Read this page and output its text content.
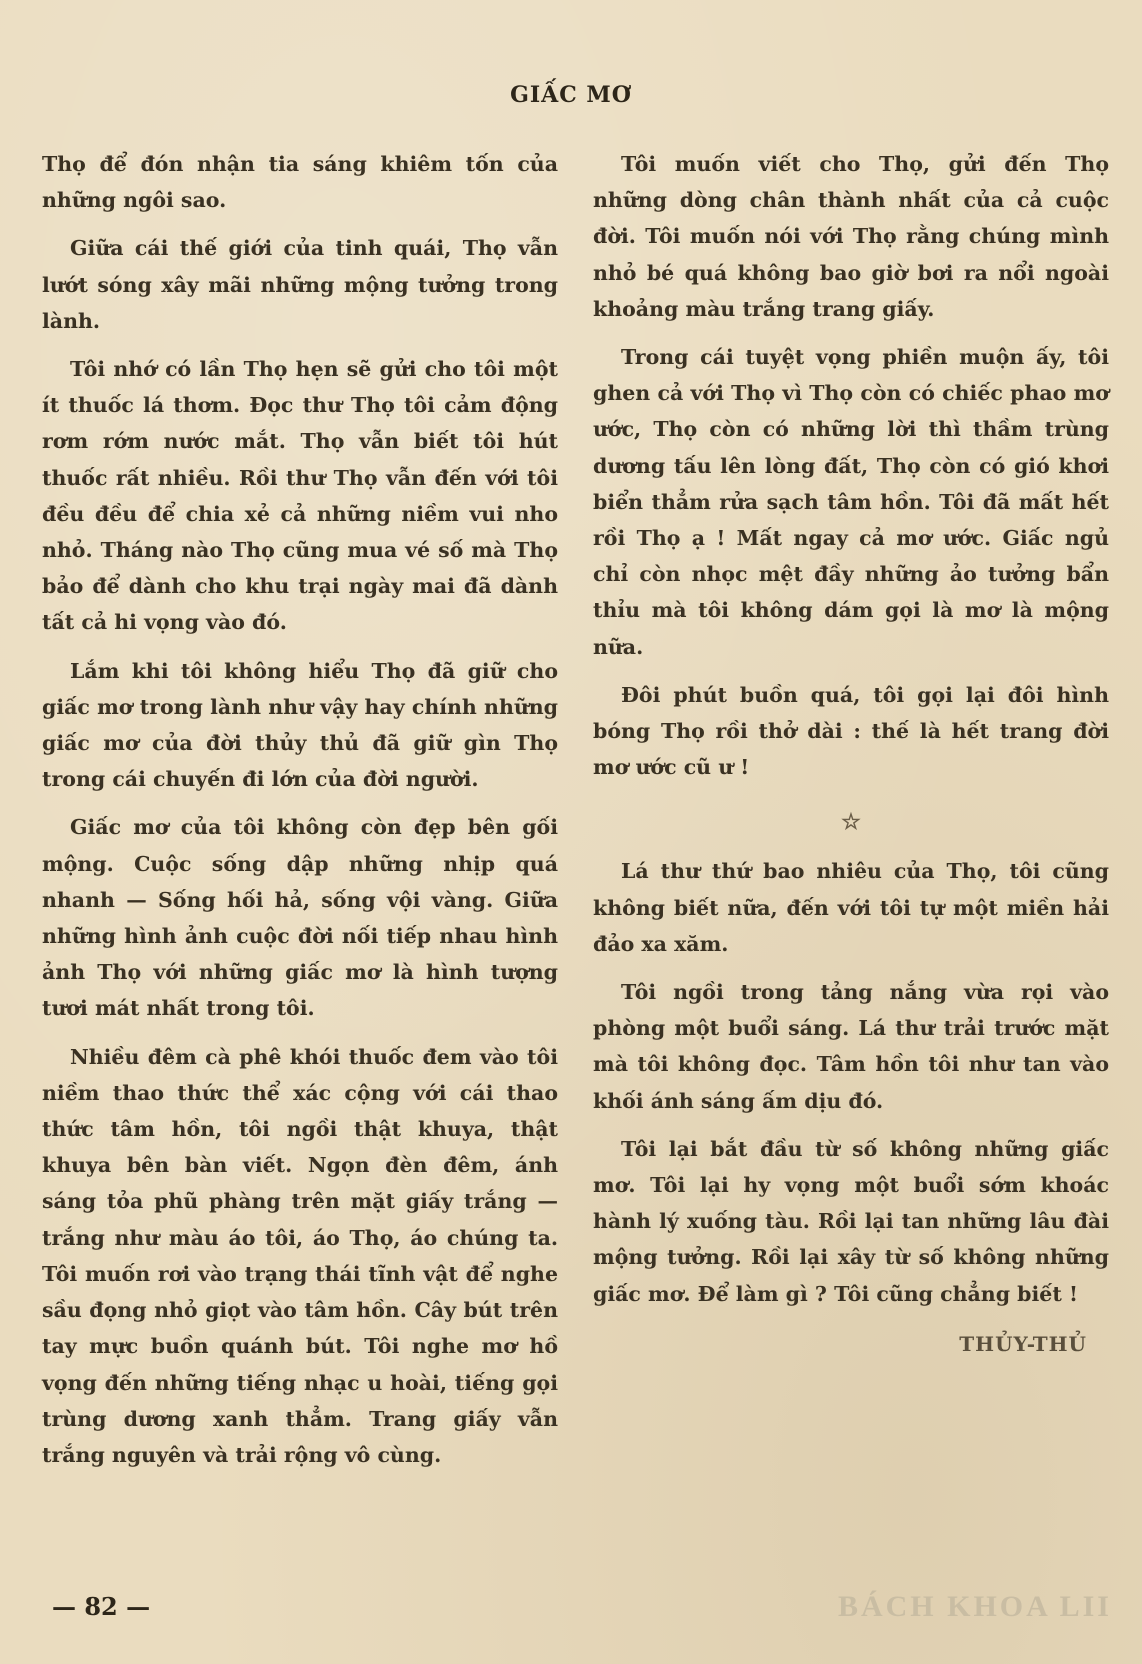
GIẤC MƠ

Thọ để đón nhận tia sáng khiêm tốn của những ngôi sao.

Giữa cái thế giới của tinh quái, Thọ vẫn lướt sóng xây mãi những mộng tưởng trong lành.

Tôi nhớ có lần Thọ hẹn sẽ gửi cho tôi một ít thuốc lá thơm. Đọc thư Thọ tôi cảm động rơm rớm nước mắt. Thọ vẫn biết tôi hút thuốc rất nhiều. Rồi thư Thọ vẫn đến với tôi đều đều để chia xẻ cả những niềm vui nho nhỏ. Tháng nào Thọ cũng mua vé số mà Thọ bảo để dành cho khu trại ngày mai đã dành tất cả hi vọng vào đó.

Lắm khi tôi không hiểu Thọ đã giữ cho giấc mơ trong lành như vậy hay chính những giấc mơ của đời thủy thủ đã giữ gìn Thọ trong cái chuyến đi lớn của đời người.

Giấc mơ của tôi không còn đẹp bên gối mộng. Cuộc sống dập những nhịp quá nhanh — Sống hối hả, sống vội vàng. Giữa những hình ảnh cuộc đời nối tiếp nhau hình ảnh Thọ với những giấc mơ là hình tượng tươi mát nhất trong tôi.

Nhiều đêm cà phê khói thuốc đem vào tôi niềm thao thức thể xác cộng với cái thao thức tâm hồn, tôi ngồi thật khuya, thật khuya bên bàn viết. Ngọn đèn đêm, ánh sáng tỏa phũ phàng trên mặt giấy trắng — trắng như màu áo tôi, áo Thọ, áo chúng ta. Tôi muốn rơi vào trạng thái tĩnh vật để nghe sầu đọng nhỏ giọt vào tâm hồn. Cây bút trên tay mực buồn quánh bút. Tôi nghe mơ hồ vọng đến những tiếng nhạc u hoài, tiếng gọi trùng dương xanh thẳm. Trang giấy vẫn trắng nguyên và trải rộng vô cùng.

Tôi muốn viết cho Thọ, gửi đến Thọ những dòng chân thành nhất của cả cuộc đời. Tôi muốn nói với Thọ rằng chúng mình nhỏ bé quá không bao giờ bơi ra nổi ngoài khoảng màu trắng trang giấy.

Trong cái tuyệt vọng phiền muộn ấy, tôi ghen cả với Thọ vì Thọ còn có chiếc phao mơ ước, Thọ còn có những lời thì thầm trùng dương tấu lên lòng đất, Thọ còn có gió khơi biển thẳm rửa sạch tâm hồn. Tôi đã mất hết rồi Thọ ạ ! Mất ngay cả mơ ước. Giấc ngủ chỉ còn nhọc mệt đầy những ảo tưởng bẩn thỉu mà tôi không dám gọi là mơ là mộng nữa.

Đôi phút buồn quá, tôi gọi lại đôi hình bóng Thọ rồi thở dài : thế là hết trang đời mơ ước cũ ư !

☆

Lá thư thứ bao nhiêu của Thọ, tôi cũng không biết nữa, đến với tôi tự một miền hải đảo xa xăm.

Tôi ngồi trong tảng nắng vừa rọi vào phòng một buổi sáng. Lá thư trải trước mặt mà tôi không đọc. Tâm hồn tôi như tan vào khối ánh sáng ấm dịu đó.

Tôi lại bắt đầu từ số không những giấc mơ. Tôi lại hy vọng một buổi sớm khoác hành lý xuống tàu. Rồi lại tan những lâu đài mộng tưởng. Rồi lại xây từ số không những giấc mơ. Để làm gì ? Tôi cũng chẳng biết !

THỦY-THỦ
— 82 —	BÁCH KHOA LII
